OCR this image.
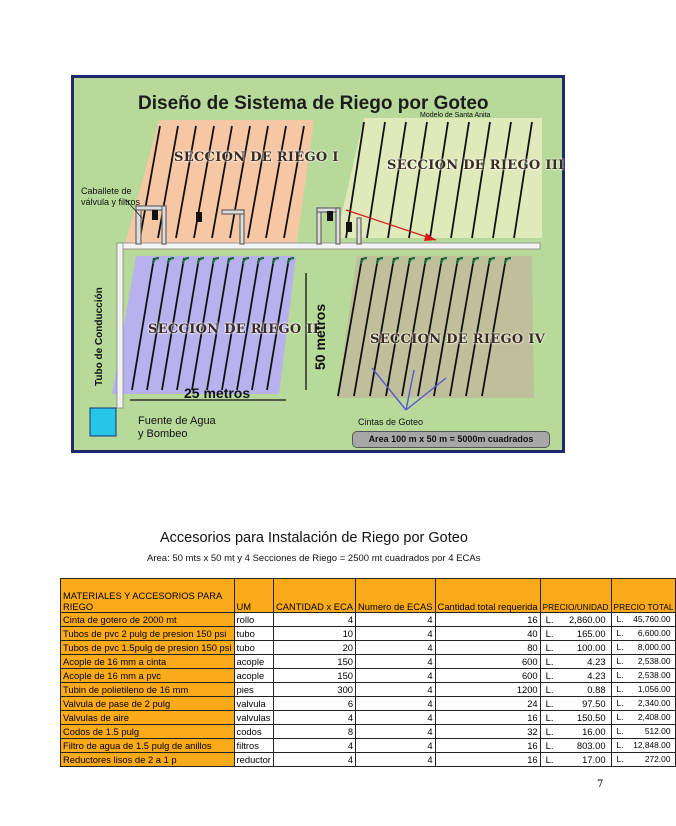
Diseño de Sistema de Riego por Goteo
Modelo de Santa Anita
SECCION DE RIEGO I
SECCION DE RIEGO III
SECCION DE RIEGO II
SECCION DE RIEGO IV
Caballete de
válvula y filtros
Tubo de Conducción	50 metros
25 metros
Fuente de Agua
y Bombeo
Cintas de Goteo
Area 100 m x 50 m = 5000m cuadrados
Accesorios para Instalación de Riego por Goteo
Area: 50 mts x 50 mt y 4 Secciones de Riego = 2500 mt cuadrados por 4 ECAs
MATERIALES Y ACCESORIOS PARA RIEGO	UM	CANTIDAD x ECA	Numero de ECAS	Cantidad total requerida	PRECIO/UNIDAD	PRECIO TOTAL
Cinta de gotero de 2000 mt	rollo	4	4	16	L. 2,860.00	L. 45,760.00

Tubos de pvc 2 pulg de presion 150 psi	tubo	10	4	40	L. 165.00	L. 6,600.00

Tubos de pvc 1.5pulg de presion 150 psi	tubo	20	4	80	L. 100.00	L. 8,000.00

Acople de 16 mm a cinta	acople	150	4	600	L. 4.23	L. 2,538.00

Acople de 16 mm a pvc	acople	150	4	600	L. 4.23	L. 2,538.00

Tubin de polietileno de 16 mm	pies	300	4	1200	L. 0.88	L. 1,056.00

Valvula de pase de 2 pulg	valvula	6	4	24	L. 97.50	L. 2,340.00

Valvulas de aire	valvulas	4	4	16	L. 150.50	L. 2,408.00

Codos de 1.5 pulg	codos	8	4	32	L. 16.00	L. 512.00

Filtro de agua de 1.5 pulg de anillos	filtros	4	4	16	L. 803.00	L. 12,848.00

Reductores lisos de 2 a 1 p	reductor	4	4	16	L. 17.00	L. 272.00
7
